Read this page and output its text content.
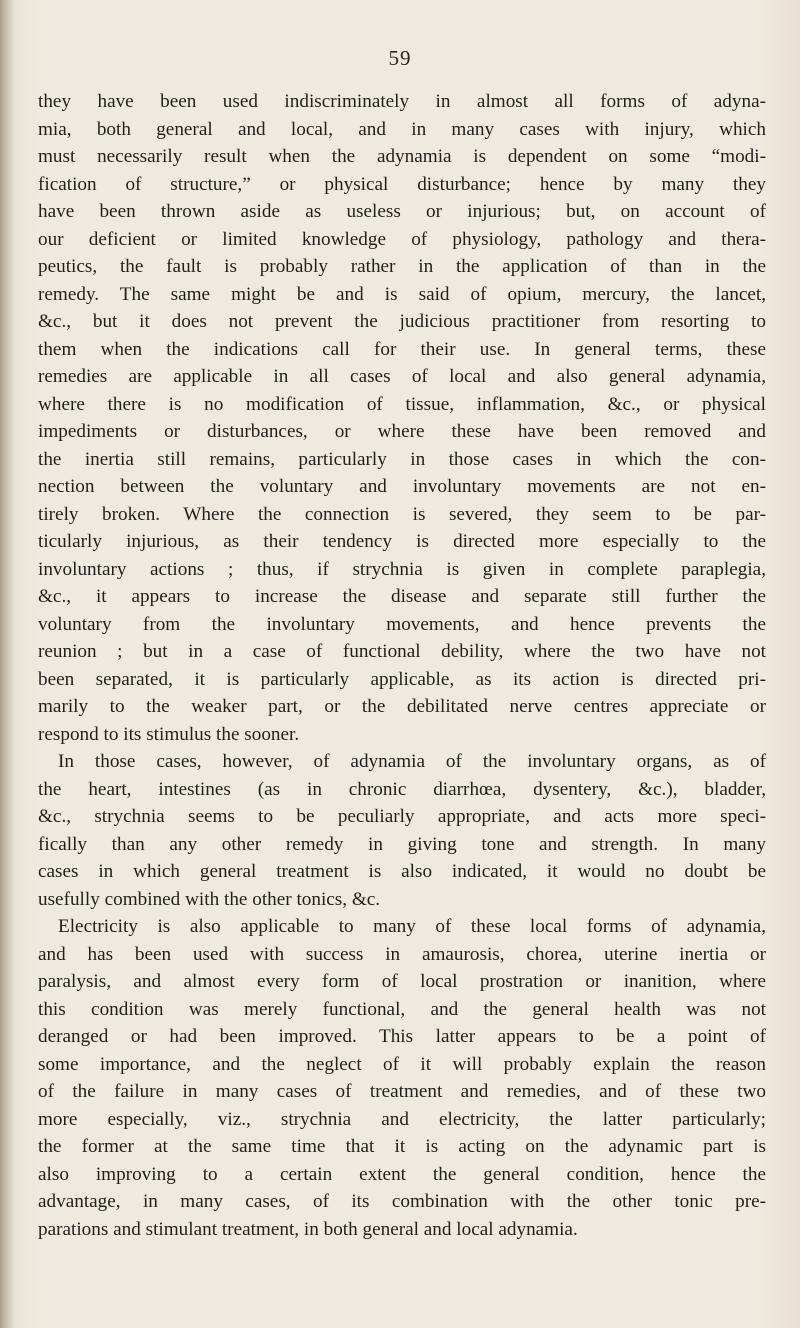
59
they have been used indiscriminately in almost all forms of adyna-
mia, both general and local, and in many cases with injury, which
must necessarily result when the adynamia is dependent on some “modi-
fication of structure,” or physical disturbance; hence by many they
have been thrown aside as useless or injurious; but, on account of
our deficient or limited knowledge of physiology, pathology and thera-
peutics, the fault is probably rather in the application of than in the
remedy. The same might be and is said of opium, mercury, the lancet,
&c., but it does not prevent the judicious practitioner from resorting to
them when the indications call for their use. In general terms, these
remedies are applicable in all cases of local and also general adynamia,
where there is no modification of tissue, inflammation, &c., or physical
impediments or disturbances, or where these have been removed and
the inertia still remains, particularly in those cases in which the con-
nection between the voluntary and involuntary movements are not en-
tirely broken. Where the connection is severed, they seem to be par-
ticularly injurious, as their tendency is directed more especially to the
involuntary actions ; thus, if strychnia is given in complete paraplegia,
&c., it appears to increase the disease and separate still further the
voluntary from the involuntary movements, and hence prevents the
reunion ; but in a case of functional debility, where the two have not
been separated, it is particularly applicable, as its action is directed pri-
marily to the weaker part, or the debilitated nerve centres appreciate or
respond to its stimulus the sooner.
In those cases, however, of adynamia of the involuntary organs, as of
the heart, intestines (as in chronic diarrhœa, dysentery, &c.), bladder,
&c., strychnia seems to be peculiarly appropriate, and acts more speci-
fically than any other remedy in giving tone and strength. In many
cases in which general treatment is also indicated, it would no doubt be
usefully combined with the other tonics, &c.
Electricity is also applicable to many of these local forms of adynamia,
and has been used with success in amaurosis, chorea, uterine inertia or
paralysis, and almost every form of local prostration or inanition, where
this condition was merely functional, and the general health was not
deranged or had been improved. This latter appears to be a point of
some importance, and the neglect of it will probably explain the reason
of the failure in many cases of treatment and remedies, and of these two
more especially, viz., strychnia and electricity, the latter particularly;
the former at the same time that it is acting on the adynamic part is
also improving to a certain extent the general condition, hence the
advantage, in many cases, of its combination with the other tonic pre-
parations and stimulant treatment, in both general and local adynamia.
